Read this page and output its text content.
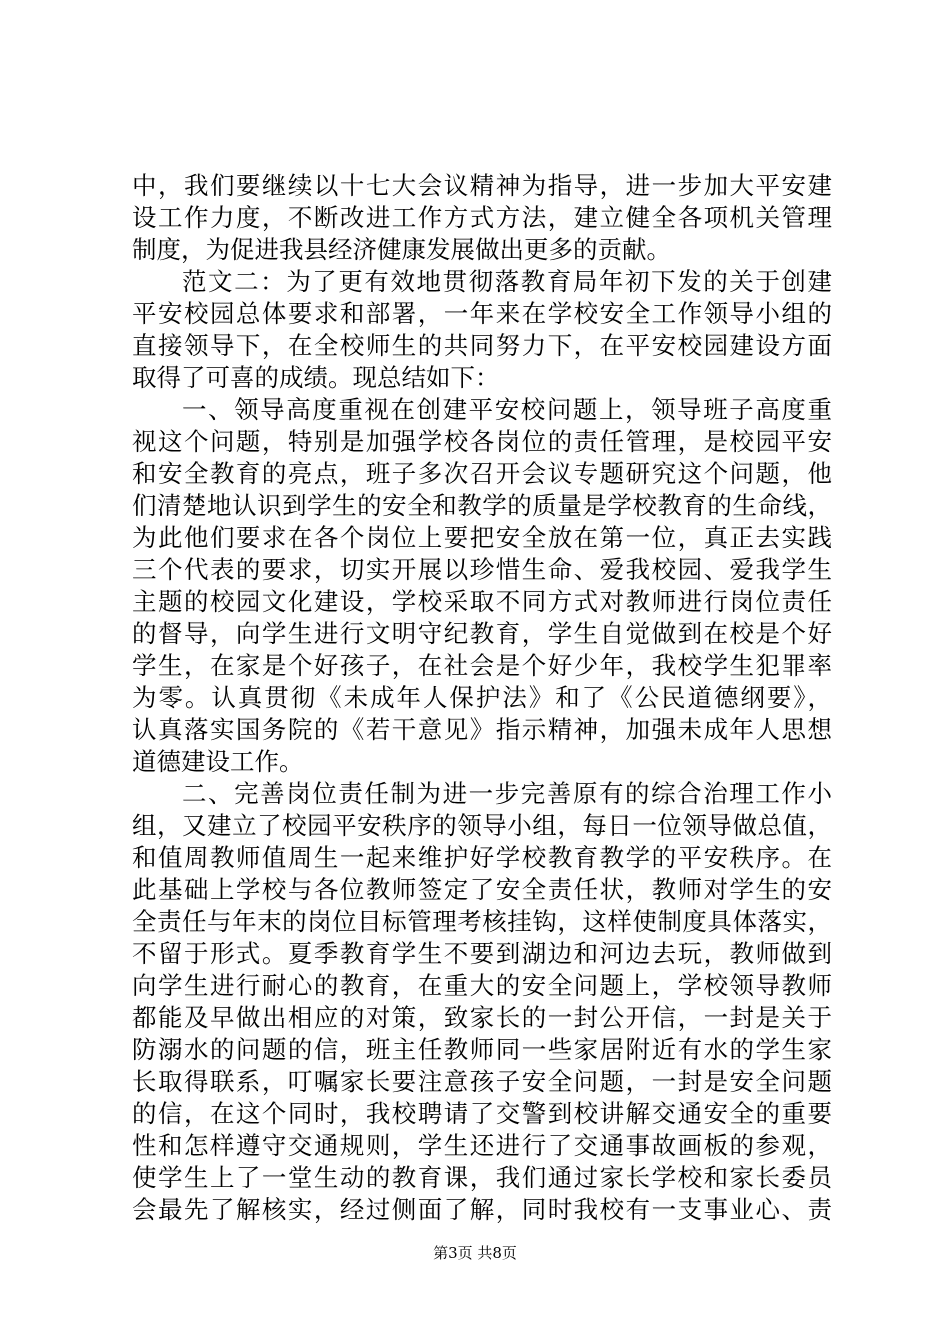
中，我们要继续以十七大会议精神为指导，进一步加大平安建
设工作力度，不断改进工作方式方法，建立健全各项机关管理
制度，为促进我县经济健康发展做出更多的贡献。
范文二：为了更有效地贯彻落教育局年初下发的关于创建
平安校园总体要求和部署，一年来在学校安全工作领导小组的
直接领导下，在全校师生的共同努力下，在平安校园建设方面
取得了可喜的成绩。现总结如下：
一、领导高度重视在创建平安校问题上，领导班子高度重
视这个问题，特别是加强学校各岗位的责任管理，是校园平安
和安全教育的亮点，班子多次召开会议专题研究这个问题，他
们清楚地认识到学生的安全和教学的质量是学校教育的生命线，
为此他们要求在各个岗位上要把安全放在第一位，真正去实践
三个代表的要求，切实开展以珍惜生命、爱我校园、爱我学生
主题的校园文化建设，学校采取不同方式对教师进行岗位责任
的督导，向学生进行文明守纪教育，学生自觉做到在校是个好
学生，在家是个好孩子，在社会是个好少年，我校学生犯罪率
为零。认真贯彻《未成年人保护法》和了《公民道德纲要》，
认真落实国务院的《若干意见》指示精神，加强未成年人思想
道德建设工作。
二、完善岗位责任制为进一步完善原有的综合治理工作小
组，又建立了校园平安秩序的领导小组，每日一位领导做总值，
和值周教师值周生一起来维护好学校教育教学的平安秩序。在
此基础上学校与各位教师签定了安全责任状，教师对学生的安
全责任与年末的岗位目标管理考核挂钩，这样使制度具体落实，
不留于形式。夏季教育学生不要到湖边和河边去玩，教师做到
向学生进行耐心的教育，在重大的安全问题上，学校领导教师
都能及早做出相应的对策，致家长的一封公开信，一封是关于
防溺水的问题的信，班主任教师同一些家居附近有水的学生家
长取得联系，叮嘱家长要注意孩子安全问题，一封是安全问题
的信，在这个同时，我校聘请了交警到校讲解交通安全的重要
性和怎样遵守交通规则，学生还进行了交通事故画板的参观，
使学生上了一堂生动的教育课，我们通过家长学校和家长委员
会最先了解核实，经过侧面了解，同时我校有一支事业心、责
第3页 共8页
